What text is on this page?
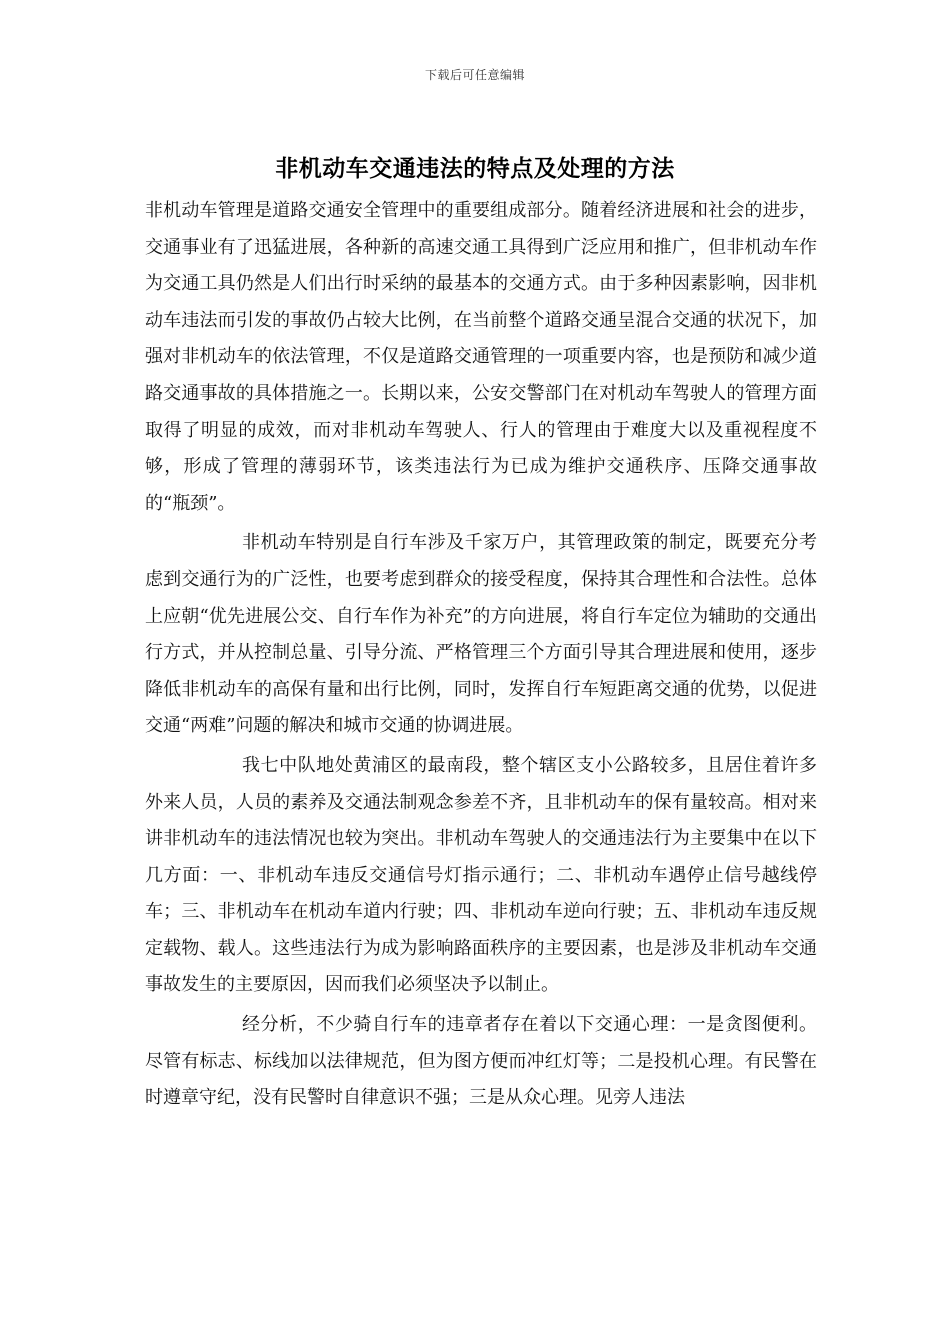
下载后可任意编辑
非机动车交通违法的特点及处理的方法

非机动车管理是道路交通安全管理中的重要组成部分。随着经济进展和社会的进步，交通事业有了迅猛进展，各种新的高速交通工具得到广泛应用和推广，但非机动车作为交通工具仍然是人们出行时采纳的最基本的交通方式。由于多种因素影响，因非机动车违法而引发的事故仍占较大比例，在当前整个道路交通呈混合交通的状况下，加强对非机动车的依法管理，不仅是道路交通管理的一项重要内容，也是预防和减少道路交通事故的具体措施之一。长期以来，公安交警部门在对机动车驾驶人的管理方面取得了明显的成效，而对非机动车驾驶人、行人的管理由于难度大以及重视程度不够，形成了管理的薄弱环节，该类违法行为已成为维护交通秩序、压降交通事故的“瓶颈”。

非机动车特别是自行车涉及千家万户，其管理政策的制定，既要充分考虑到交通行为的广泛性，也要考虑到群众的接受程度，保持其合理性和合法性。总体上应朝“优先进展公交、自行车作为补充”的方向进展，将自行车定位为辅助的交通出行方式，并从控制总量、引导分流、严格管理三个方面引导其合理进展和使用，逐步降低非机动车的高保有量和出行比例，同时，发挥自行车短距离交通的优势，以促进交通“两难”问题的解决和城市交通的协调进展。

我七中队地处黄浦区的最南段，整个辖区支小公路较多，且居住着许多外来人员，人员的素养及交通法制观念参差不齐，且非机动车的保有量较高。相对来讲非机动车的违法情况也较为突出。非机动车驾驶人的交通违法行为主要集中在以下几方面：一、非机动车违反交通信号灯指示通行；二、非机动车遇停止信号越线停车；三、非机动车在机动车道内行驶；四、非机动车逆向行驶；五、非机动车违反规定载物、载人。这些违法行为成为影响路面秩序的主要因素，也是涉及非机动车交通事故发生的主要原因，因而我们必须坚决予以制止。

经分析，不少骑自行车的违章者存在着以下交通心理：一是贪图便利。尽管有标志、标线加以法律规范，但为图方便而冲红灯等；二是投机心理。有民警在时遵章守纪，没有民警时自律意识不强；三是从众心理。见旁人违法
